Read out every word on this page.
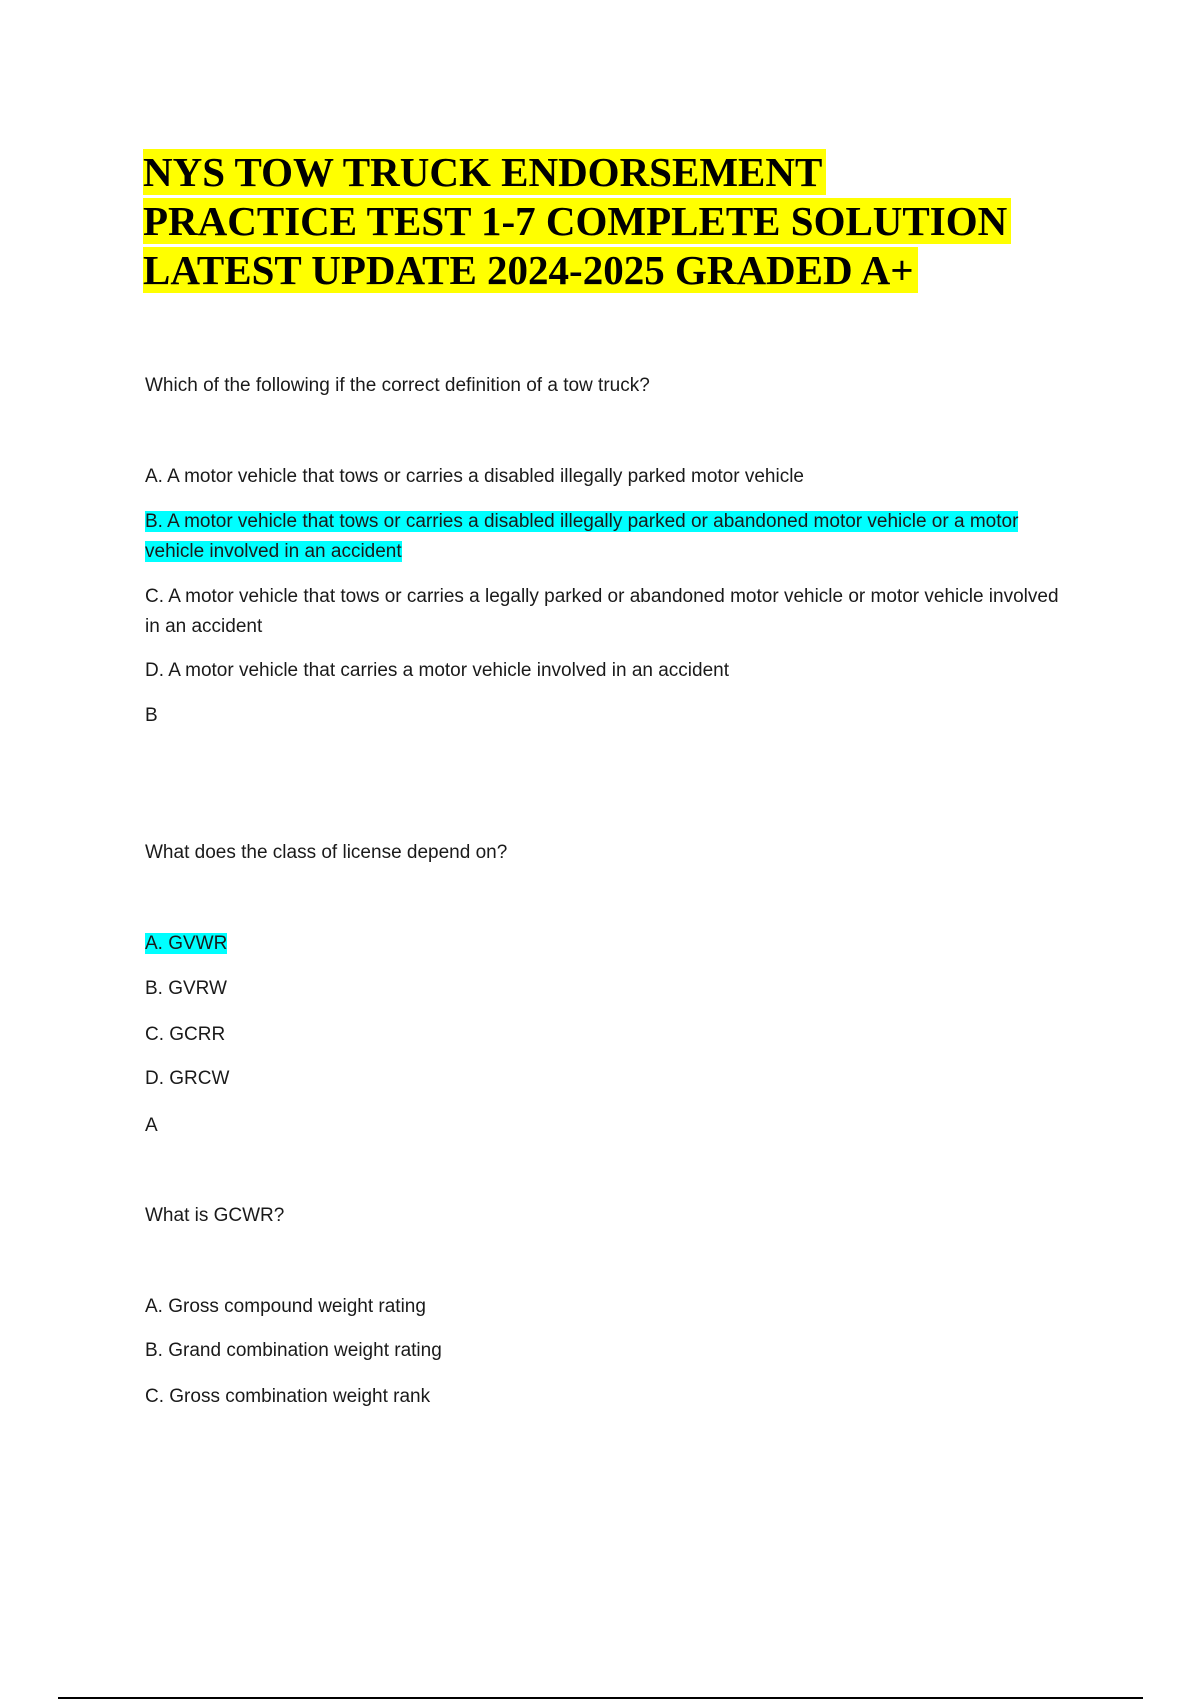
NYS TOW TRUCK ENDORSEMENT
PRACTICE TEST 1-7 COMPLETE SOLUTION
LATEST UPDATE 2024-2025 GRADED A+

Which of the following if the correct definition of a tow truck?

A. A motor vehicle that tows or carries a disabled illegally parked motor vehicle

B. A motor vehicle that tows or carries a disabled illegally parked or abandoned motor vehicle or a motor vehicle involved in an accident

C. A motor vehicle that tows or carries a legally parked or abandoned motor vehicle or motor vehicle involved in an accident

D. A motor vehicle that carries a motor vehicle involved in an accident

B

What does the class of license depend on?

A. GVWR

B. GVRW

C. GCRR

D. GRCW

A

What is GCWR?

A. Gross compound weight rating

B. Grand combination weight rating

C. Gross combination weight rank
